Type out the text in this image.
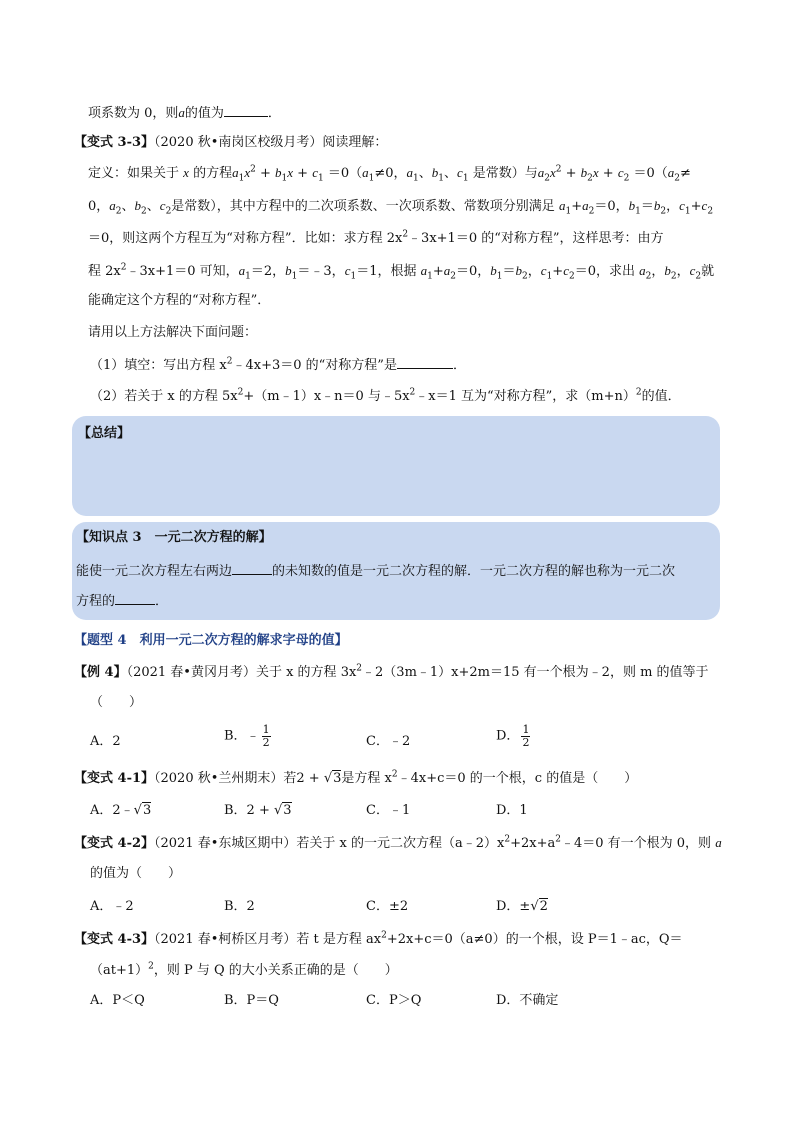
项系数为 0，则a的值为	．
【变式 3-3】（2020 秋•南岗区校级月考）阅读理解：
定义：如果关于 x 的方程$a_1x^2 + b_1x + c_1 =0(a_1\ne 0$，$a_1$、$b_1$、$c_1$ 是常数）与$a_2x^2 + b_2x + c_2 =0(a_2\ne$
0，$a_2$、$b_2$、$c_2$是常数），其中方程中的二次项系数、一次项系数、常数项分别满足 $a_1+a_2=0$，$b_1=b_2$，$c_1+c_2$
＝0，则这两个方程互为“对称方程”．比如：求方程 $2x^2﹣3x+1=0$ 的“对称方程”，这样思考：由方
程 $2x^2﹣3x+1=0$ 可知，$a_1=2$，$b_1=﹣3$，$c_1=1$，根据 $a_1+a_2=0$，$b_1=b_2$，$c_1+c_2=0$，求出 $a_2$，$b_2$，$c_2$就
能确定这个方程的“对称方程”．
请用以上方法解决下面问题：
（1）填空：写出方程 $x^2﹣4x+3=0$ 的“对称方程”是	．
（2）若关于 x 的方程 $5x^2+(m﹣1)x﹣n=0$ 与$﹣5x^2﹣x=1$ 互为“对称方程”，求$(m+n)^2$的值．
【总结】
【知识点 3　一元二次方程的解】
能使一元二次方程左右两边	的未知数的值是一元二次方程的解．一元二次方程的解也称为一元二次
方程的	．
【题型 4　利用一元二次方程的解求字母的值】
【例 4】（2021 春•黄冈月考）关于 x 的方程 $3x^2﹣2(3m﹣1)x+2m=15$ 有一个根为﹣2，则 m 的值等于
（　　）
A．2	B．﹣ $\frac{1}{2}$	C．﹣2	D． $\frac{1}{2}$
【变式 4-1】（2020 秋•兰州期末）若2 + √3是方程 $x^2﹣4x+c=0$ 的一个根，c 的值是（　　）
A．2﹣√3	B．2 + √3	C．﹣1	D．1
【变式 4-2】（2021 春•东城区期中）若关于 x 的一元二次方程$(a﹣2)x^2+2x+a^2﹣4=0$ 有一个根为 0，则 a
的值为（　　）
A．﹣2	B．2	C．±2	D．±√2
【变式 4-3】（2021 春•柯桥区月考）若 t 是方程 $ax^2+2x+c=0(a\ne 0)$的一个根，设 P＝1﹣ac，Q＝
$(at+1)^2$，则 P 与 Q 的大小关系正确的是（　　）
A．P＜Q	B．P＝Q	C．P＞Q	D．不确定
